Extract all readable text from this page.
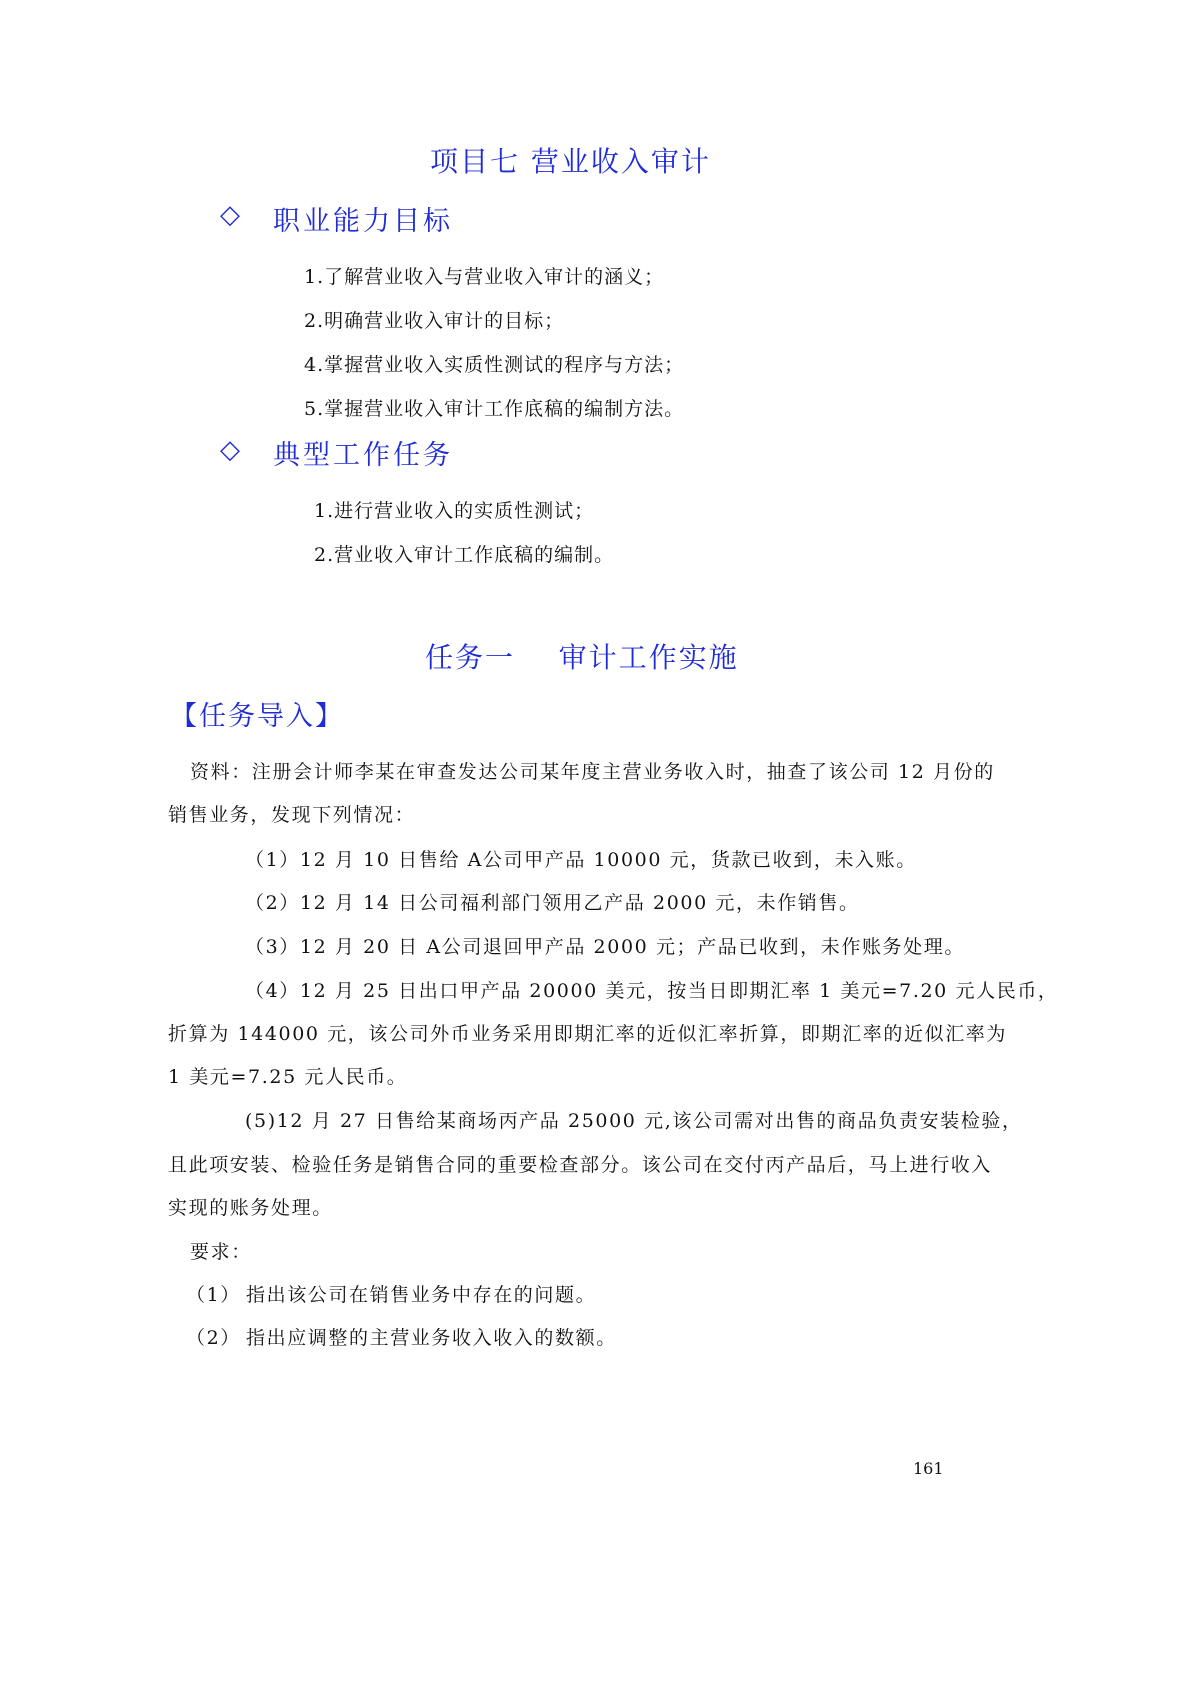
项目七 营业收入审计
◇ 职业能力目标
1.了解营业收入与营业收入审计的涵义；
2.明确营业收入审计的目标；
4.掌握营业收入实质性测试的程序与方法；
5.掌握营业收入审计工作底稿的编制方法。
◇ 典型工作任务
1.进行营业收入的实质性测试；
2.营业收入审计工作底稿的编制。
任务一    审计工作实施
【任务导入】
资料：注册会计师李某在审查发达公司某年度主营业务收入时，抽查了该公司 12 月份的
销售业务，发现下列情况：
（1）12 月 10 日售给 A公司甲产品 10000 元，货款已收到，未入账。
（2）12 月 14 日公司福利部门领用乙产品 2000 元，未作销售。
（3）12 月 20 日 A公司退回甲产品 2000 元；产品已收到，未作账务处理。
（4）12 月 25 日出口甲产品 20000 美元，按当日即期汇率 1 美元=7.20 元人民币，
折算为 144000 元，该公司外币业务采用即期汇率的近似汇率折算，即期汇率的近似汇率为
1 美元=7.25 元人民币。
(5)12 月 27 日售给某商场丙产品 25000 元,该公司需对出售的商品负责安装检验，
且此项安装、检验任务是销售合同的重要检查部分。该公司在交付丙产品后，马上进行收入
实现的账务处理。
要求：
（1） 指出该公司在销售业务中存在的问题。
（2） 指出应调整的主营业务收入收入的数额。
161
